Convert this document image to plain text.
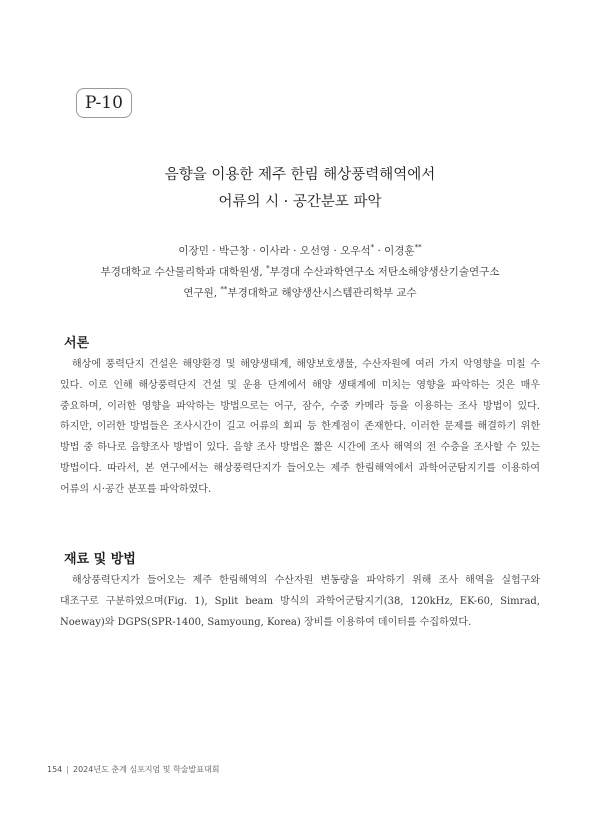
P-10
음향을 이용한 제주 한림 해상풍력해역에서
어류의 시 · 공간분포 파악
이장민 · 박근창 · 이사라 · 오선영 · 오우석* · 이경훈**
부경대학교 수산물리학과 대학원생, *부경대 수산과학연구소 저탄소해양생산기술연구소
연구원, **부경대학교 해양생산시스템관리학부 교수
서론

해상에 풍력단지 건설은 해양환경 및 해양생태계, 해양보호생물, 수산자원에 여러 가지 악영향을 미칠 수 있다. 이로 인해 해상풍력단지 건설 및 운용 단계에서 해양 생태계에 미치는 영향을 파악하는 것은 매우 중요하며, 이러한 영향을 파악하는 방법으로는 어구, 잠수, 수중 카메라 등을 이용하는 조사 방법이 있다. 하지만, 이러한 방법들은 조사시간이 길고 어류의 회피 등 한계점이 존재한다. 이러한 문제를 해결하기 위한 방법 중 하나로 음향조사 방법이 있다. 음향 조사 방법은 짧은 시간에 조사 해역의 전 수층을 조사할 수 있는 방법이다. 따라서, 본 연구에서는 해상풍력단지가 들어오는 제주 한림해역에서 과학어군탐지기를 이용하여 어류의 시·공간 분포를 파악하였다.

재료 및 방법

해상풍력단지가 들어오는 제주 한림해역의 수산자원 변동량을 파악하기 위해 조사 해역을 실험구와 대조구로 구분하였으며(Fig. 1), Split beam 방식의 과학어군탐지기(38, 120kHz, EK-60, Simrad, Noeway)와 DGPS(SPR-1400, Samyoung, Korea) 장비를 이용하여 데이터를 수집하였다.

154 | 2024년도 춘계 심포지엄 및 학술발표대회
